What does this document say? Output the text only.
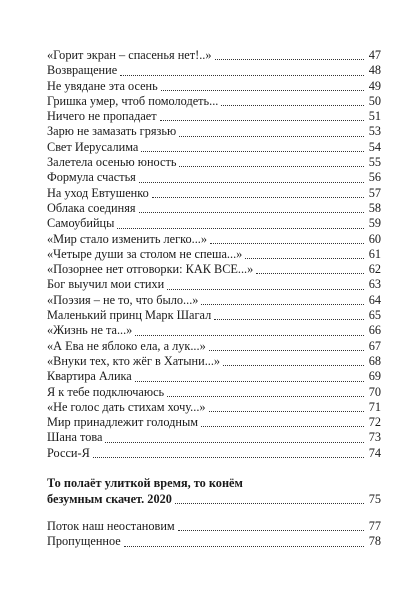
«Горит экран – спасенья нет!..»	47
Возвращение	48
Не увядане эта осень	49
Гришка умер, чтоб помолодеть...	50
Ничего не пропадает	51
Зарю не замазать грязью	53
Свет Иерусалима	54
Залетела осенью юность	55
Формула счастья	56
На уход Евтушенко	57
Облака соединяя	58
Самоубийцы	59
«Мир стало изменить легко...»	60
«Четыре души за столом не спеша...»	61
«Позорнее нет отговорки: КАК ВСЕ...»	62
Бог выучил мои стихи	63
«Поэзия – не то, что было...»	64
Маленький принц Марк Шагал	65
«Жизнь не та...»	66
«А Ева не яблоко ела, а лук...»	67
«Внуки тех, кто жёг в Хатыни...»	68
Квартира Алика	69
Я к тебе подключаюсь	70
«Не голос дать стихам хочу...»	71
Мир принадлежит голодным	72
Шана това	73
Росси-Я	74
То полаёт улиткой время, то конём
безумным скачет. 2020	75
Поток наш неостановим	77
Пропущенное	78
